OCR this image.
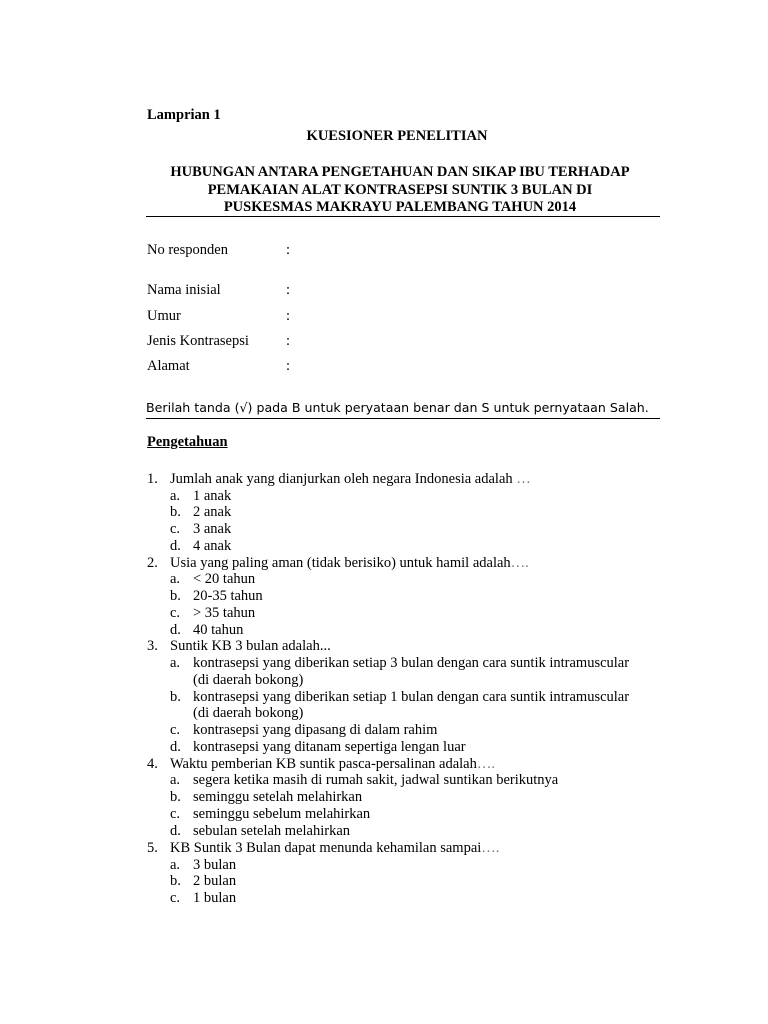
Lamprian 1
KUESIONER PENELITIAN
HUBUNGAN ANTARA PENGETAHUAN DAN SIKAP IBU TERHADAP
PEMAKAIAN ALAT KONTRASEPSI SUNTIK 3 BULAN DI
PUSKESMAS MAKRAYU PALEMBANG TAHUN 2014
No responden	:
Nama inisial	:
Umur	:
Jenis Kontrasepsi	:
Alamat	:
Berilah tanda (√) pada B untuk peryataan benar dan S untuk pernyataan Salah.
Pengetahuan
1. Jumlah anak yang dianjurkan oleh negara Indonesia adalah …
a. 1 anak
b. 2 anak
c. 3 anak
d. 4 anak
2. Usia yang paling aman (tidak berisiko) untuk hamil adalah….
a. < 20 tahun
b. 20-35 tahun
c. > 35 tahun
d. 40 tahun
3. Suntik KB 3 bulan adalah...
a. kontrasepsi yang diberikan setiap 3 bulan dengan cara suntik intramuscular
(di daerah bokong)
b. kontrasepsi yang diberikan setiap 1 bulan dengan cara suntik intramuscular
(di daerah bokong)
c. kontrasepsi yang dipasang di dalam rahim
d. kontrasepsi yang ditanam sepertiga lengan luar
4. Waktu pemberian KB suntik pasca-persalinan adalah….
a. segera ketika masih di rumah sakit, jadwal suntikan berikutnya
b. seminggu setelah melahirkan
c. seminggu sebelum melahirkan
d. sebulan setelah melahirkan
5. KB Suntik 3 Bulan dapat menunda kehamilan sampai….
a. 3 bulan
b. 2 bulan
c. 1 bulan
